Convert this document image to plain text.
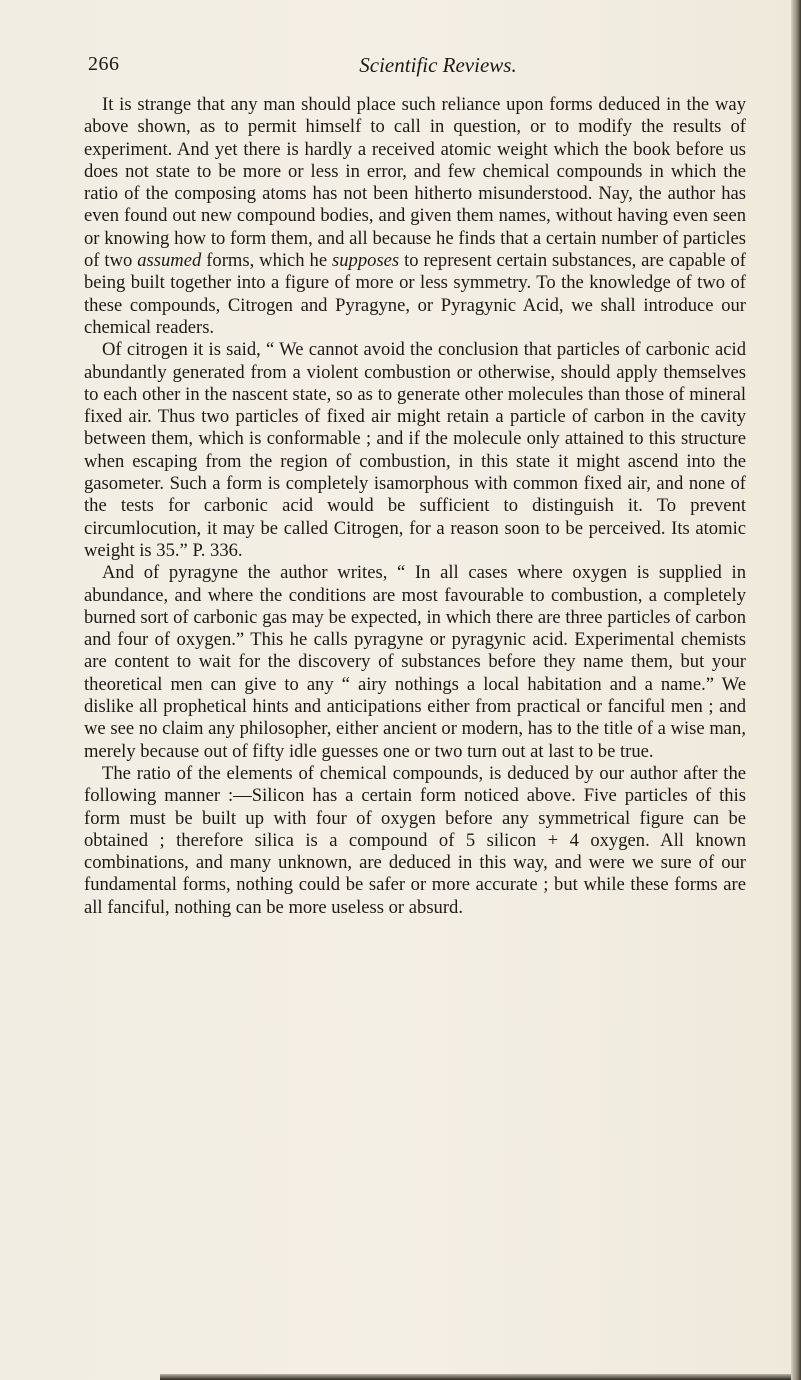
266	Scientific Reviews.

It is strange that any man should place such reliance upon forms deduced in the way above shown, as to permit himself to call in question, or to modify the results of experiment. And yet there is hardly a received atomic weight which the book before us does not state to be more or less in error, and few chemical compounds in which the ratio of the composing atoms has not been hitherto misunderstood. Nay, the author has even found out new compound bodies, and given them names, without having even seen or knowing how to form them, and all because he finds that a certain number of particles of two assumed forms, which he supposes to represent certain substances, are capable of being built together into a figure of more or less symmetry. To the knowledge of two of these compounds, Citrogen and Pyragyne, or Pyragynic Acid, we shall introduce our chemical readers.

Of citrogen it is said, “ We cannot avoid the conclusion that particles of carbonic acid abundantly generated from a violent combustion or otherwise, should apply themselves to each other in the nascent state, so as to generate other molecules than those of mineral fixed air. Thus two particles of fixed air might retain a particle of carbon in the cavity between them, which is conformable ; and if the molecule only attained to this structure when escaping from the region of combustion, in this state it might ascend into the gasometer. Such a form is completely isamorphous with common fixed air, and none of the tests for carbonic acid would be sufficient to distinguish it. To prevent circumlocution, it may be called Citrogen, for a reason soon to be perceived. Its atomic weight is 35.” P. 336.

And of pyragyne the author writes, “ In all cases where oxygen is supplied in abundance, and where the conditions are most favourable to combustion, a completely burned sort of carbonic gas may be expected, in which there are three particles of carbon and four of oxygen.” This he calls pyragyne or pyragynic acid. Experimental chemists are content to wait for the discovery of substances before they name them, but your theoretical men can give to any “ airy nothings a local habitation and a name.” We dislike all prophetical hints and anticipations either from practical or fanciful men ; and we see no claim any philosopher, either ancient or modern, has to the title of a wise man, merely because out of fifty idle guesses one or two turn out at last to be true.

The ratio of the elements of chemical compounds, is deduced by our author after the following manner :—Silicon has a certain form noticed above. Five particles of this form must be built up with four of oxygen before any symmetrical figure can be obtained ; therefore silica is a compound of 5 silicon + 4 oxygen. All known combinations, and many unknown, are deduced in this way, and were we sure of our fundamental forms, nothing could be safer or more accurate ; but while these forms are all fanciful, nothing can be more useless or absurd.
